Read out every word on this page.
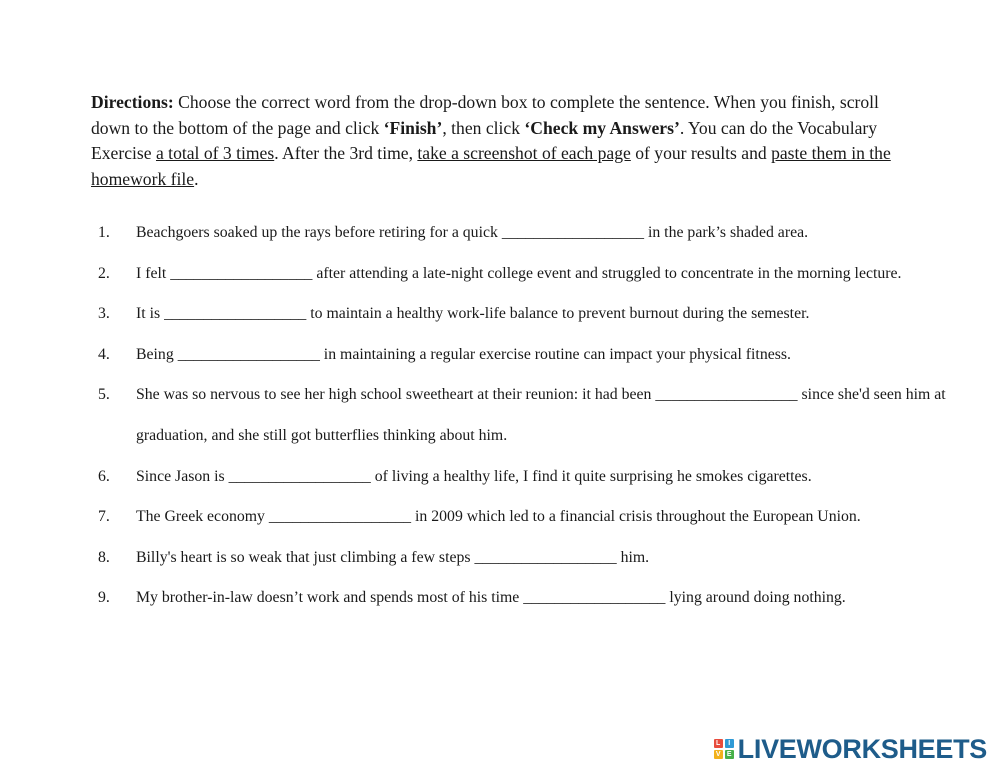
Directions: Choose the correct word from the drop-down box to complete the sentence. When you finish, scroll down to the bottom of the page and click ‘Finish’, then click ‘Check my Answers’. You can do the Vocabulary Exercise a total of 3 times. After the 3rd time, take a screenshot of each page of your results and paste them in the homework file.
1.	Beachgoers soaked up the rays before retiring for a quick __________________ in the park’s shaded area.
2.	I felt __________________ after attending a late-night college event and struggled to concentrate in the morning lecture.
3.	It is __________________ to maintain a healthy work-life balance to prevent burnout during the semester.
4.	Being __________________ in maintaining a regular exercise routine can impact your physical fitness.
5.	She was so nervous to see her high school sweetheart at their reunion: it had been __________________ since she'd seen him at graduation, and she still got butterflies thinking about him.
6.	Since Jason is __________________ of living a healthy life, I find it quite surprising he smokes cigarettes.
7.	The Greek economy __________________ in 2009 which led to a financial crisis throughout the European Union.
8.	Billy's heart is so weak that just climbing a few steps __________________ him.
9.	My brother-in-law doesn’t work and spends most of his time __________________ lying around doing nothing.
L	I
V E LIVEWORKSHEETS
